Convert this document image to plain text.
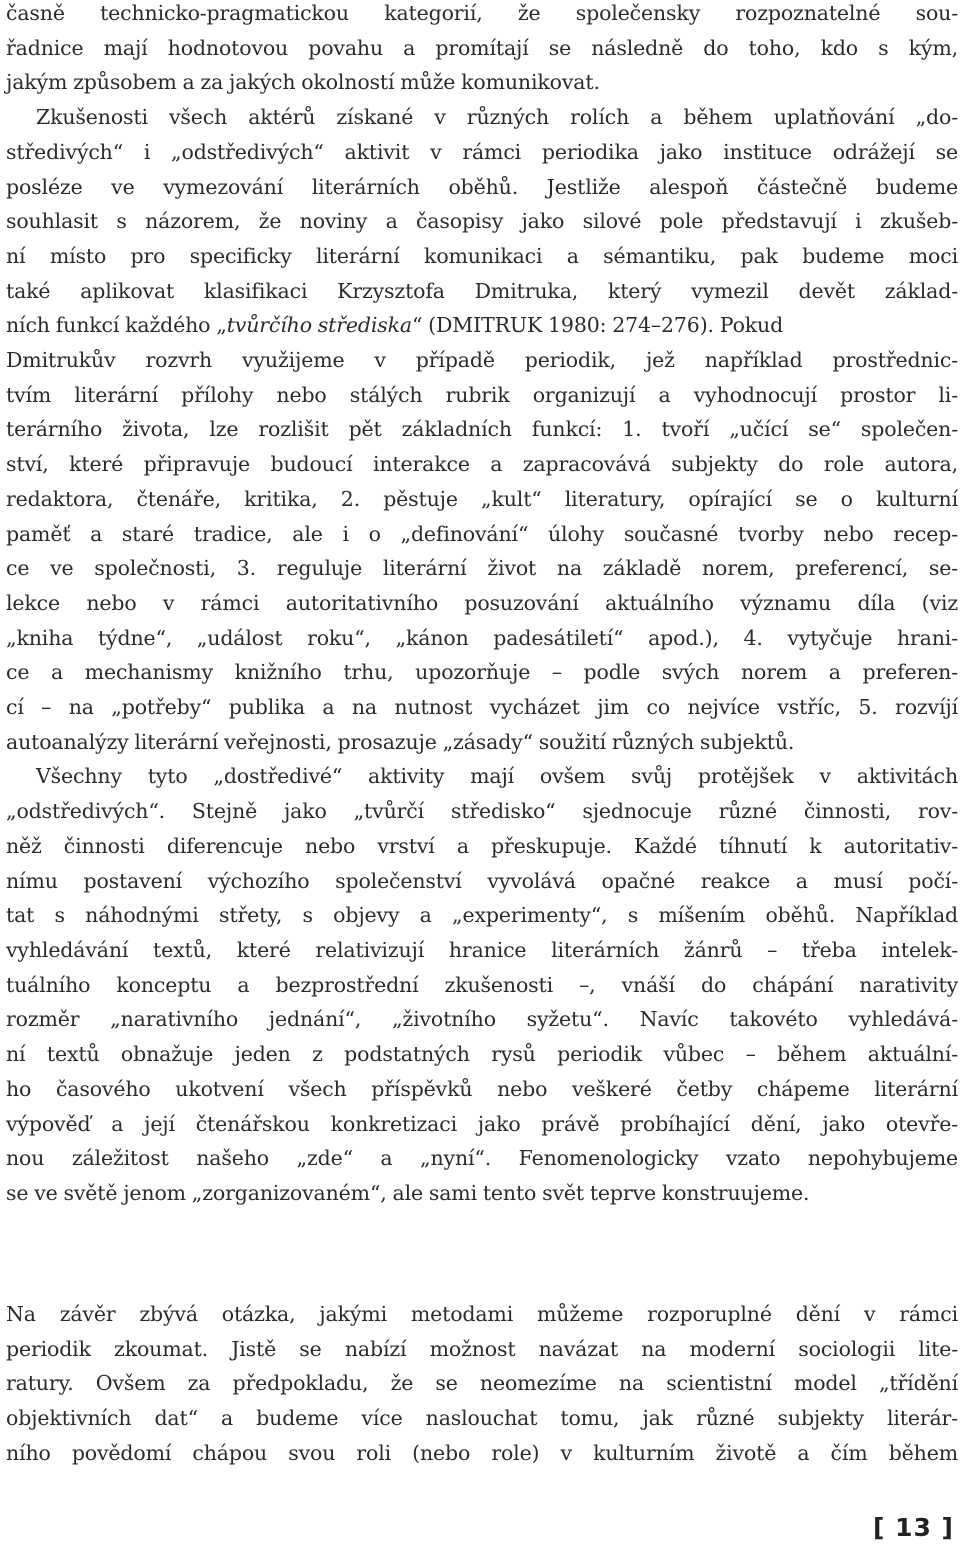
časně technicko-pragmatickou kategorií, že společensky rozpoznatelné sou-
řadnice mají hodnotovou povahu a promítají se následně do toho, kdo s kým,
jakým způsobem a za jakých okolností může komunikovat.
Zkušenosti všech aktérů získané v různých rolích a během uplatňování „do-
středivých“ i „odstředivých“ aktivit v rámci periodika jako instituce odrážejí se
posléze ve vymezování literárních oběhů. Jestliže alespoň částečně budeme
souhlasit s názorem, že noviny a časopisy jako silové pole představují i zkušeb-
ní místo pro specificky literární komunikaci a sémantiku, pak budeme moci
také aplikovat klasifikaci Krzysztofa Dmitruka, který vymezil devět základ-
ních funkcí každého „tvůrčího střediska“ (DMITRUK 1980: 274–276). Pokud
Dmitrukův rozvrh využijeme v případě periodik, jež například prostřednic-
tvím literární přílohy nebo stálých rubrik organizují a vyhodnocují prostor li-
terárního života, lze rozlišit pět základních funkcí: 1. tvoří „učící se“ společen-
ství, které připravuje budoucí interakce a zapracovává subjekty do role autora,
redaktora, čtenáře, kritika, 2. pěstuje „kult“ literatury, opírající se o kulturní
paměť a staré tradice, ale i o „definování“ úlohy současné tvorby nebo recep-
ce ve společnosti, 3. reguluje literární život na základě norem, preferencí, se-
lekce nebo v rámci autoritativního posuzování aktuálního významu díla (viz
„kniha týdne“, „událost roku“, „kánon padesátiletí“ apod.), 4. vytyčuje hrani-
ce a mechanismy knižního trhu, upozorňuje – podle svých norem a preferen-
cí – na „potřeby“ publika a na nutnost vycházet jim co nejvíce vstříc, 5. rozvíjí
autoanalýzy literární veřejnosti, prosazuje „zásady“ soužití různých subjektů.
Všechny tyto „dostředivé“ aktivity mají ovšem svůj protějšek v aktivitách
„odstředivých“. Stejně jako „tvůrčí středisko“ sjednocuje různé činnosti, rov-
něž činnosti diferencuje nebo vrství a přeskupuje. Každé tíhnutí k autoritativ-
nímu postavení výchozího společenství vyvolává opačné reakce a musí počí-
tat s náhodnými střety, s objevy a „experimenty“, s míšením oběhů. Například
vyhledávání textů, které relativizují hranice literárních žánrů – třeba intelek-
tuálního konceptu a bezprostřední zkušenosti –, vnáší do chápání narativity
rozměr „narativního jednání“, „životního syžetu“. Navíc takovéto vyhledává-
ní textů obnažuje jeden z podstatných rysů periodik vůbec – během aktuální-
ho časového ukotvení všech příspěvků nebo veškeré četby chápeme literární
výpověď a její čtenářskou konkretizaci jako právě probíhající dění, jako otevře-
nou záležitost našeho „zde“ a „nyní“. Fenomenologicky vzato nepohybujeme
se ve světě jenom „zorganizovaném“, ale sami tento svět teprve konstruujeme.
Na závěr zbývá otázka, jakými metodami můžeme rozporuplné dění v rámci
periodik zkoumat. Jistě se nabízí možnost navázat na moderní sociologii lite-
ratury. Ovšem za předpokladu, že se neomezíme na scientistní model „třídění
objektivních dat“ a budeme více naslouchat tomu, jak různé subjekty literár-
ního povědomí chápou svou roli (nebo role) v kulturním životě a čím během
[ 13 ]
